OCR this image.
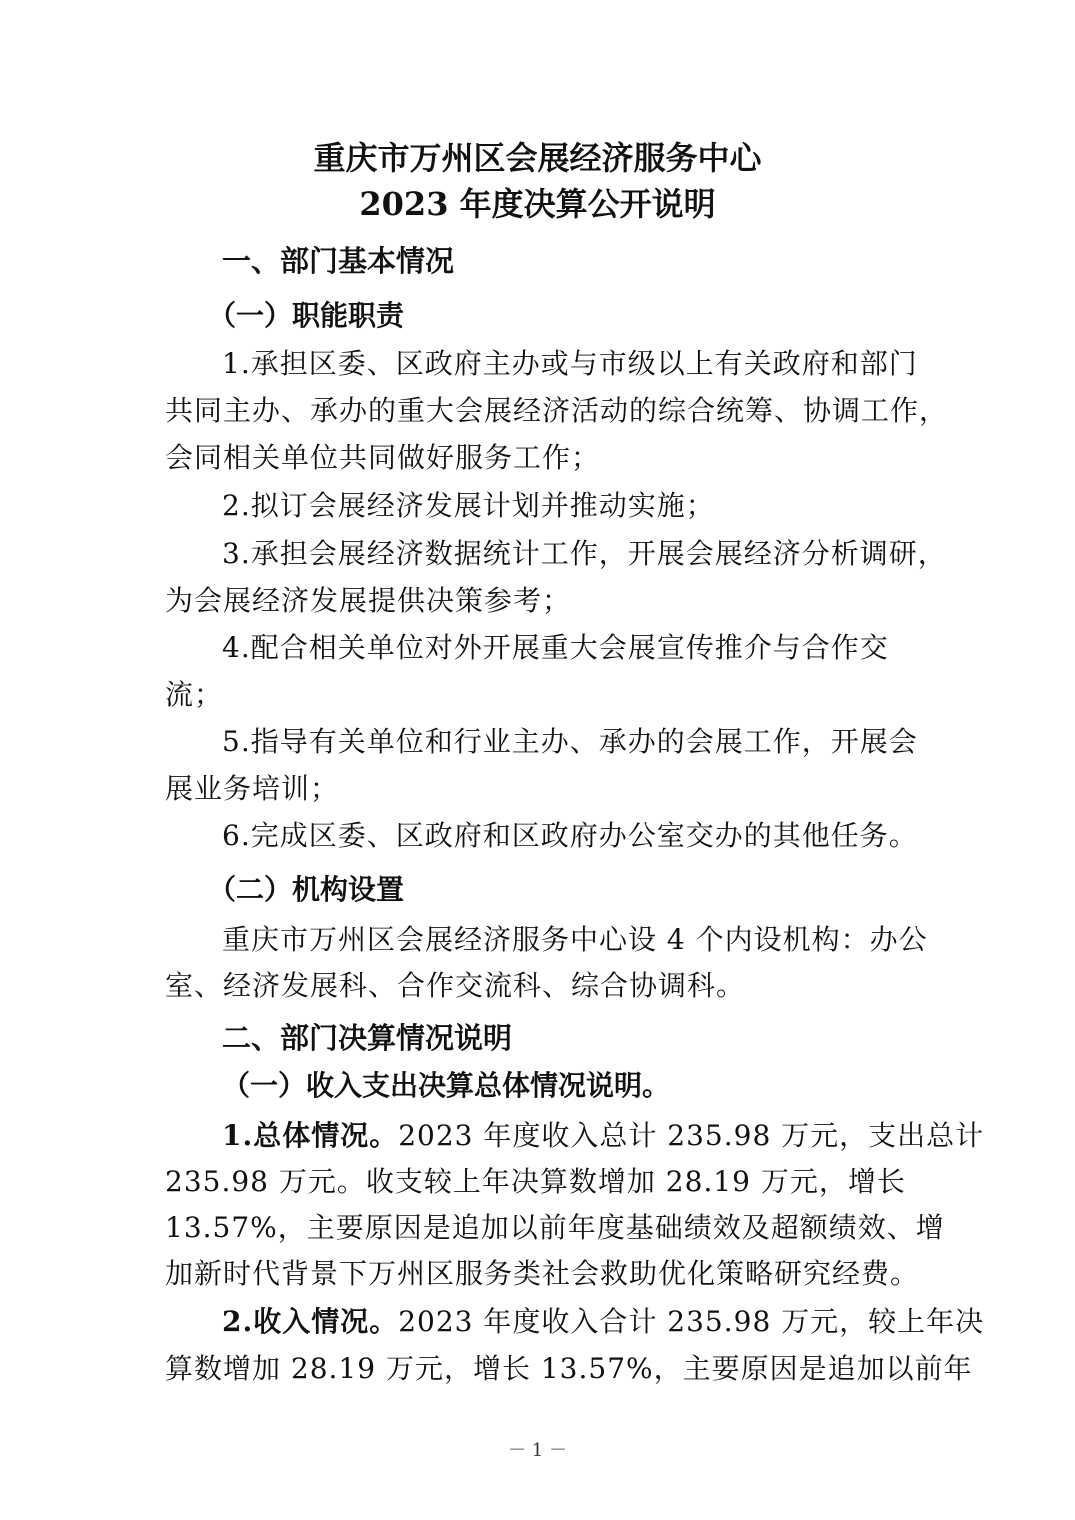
重庆市万州区会展经济服务中心
2023 年度决算公开说明
一、部门基本情况
（一）职能职责
1.承担区委、区政府主办或与市级以上有关政府和部门
共同主办、承办的重大会展经济活动的综合统筹、协调工作，
会同相关单位共同做好服务工作；
2.拟订会展经济发展计划并推动实施；
3.承担会展经济数据统计工作，开展会展经济分析调研，
为会展经济发展提供决策参考；
4.配合相关单位对外开展重大会展宣传推介与合作交
流；
5.指导有关单位和行业主办、承办的会展工作，开展会
展业务培训；
6.完成区委、区政府和区政府办公室交办的其他任务。
（二）机构设置
重庆市万州区会展经济服务中心设 4 个内设机构：办公
室、经济发展科、合作交流科、综合协调科。
二、部门决算情况说明
（一）收入支出决算总体情况说明。
1.总体情况。2023 年度收入总计 235.98 万元，支出总计
235.98 万元。收支较上年决算数增加 28.19 万元，增长
13.57%，主要原因是追加以前年度基础绩效及超额绩效、增
加新时代背景下万州区服务类社会救助优化策略研究经费。
2.收入情况。2023 年度收入合计 235.98 万元，较上年决
算数增加 28.19 万元，增长 13.57%，主要原因是追加以前年
－ 1 －
